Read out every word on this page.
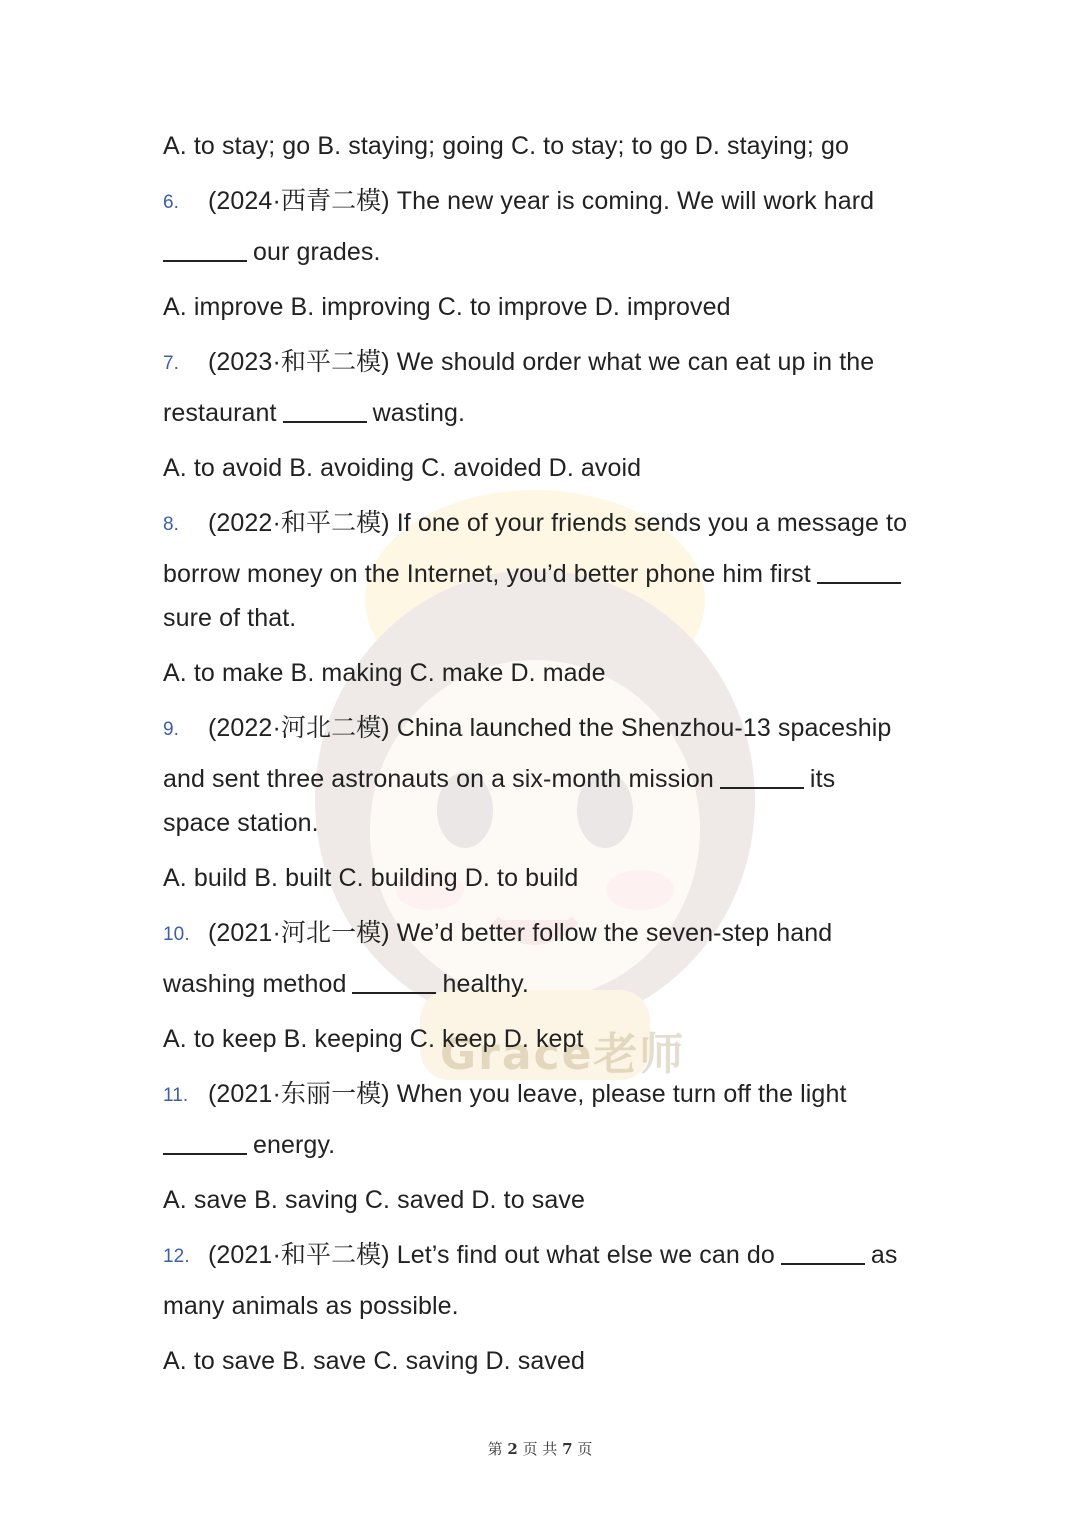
Grace老师
A. to stay; go B. staying; going C. to stay; to go D. staying; go
6. (2024·西青二模) The new year is coming. We will work hard
our grades.
A. improve B. improving C. to improve D. improved
7. (2023·和平二模) We should order what we can eat up in the
restaurant	wasting.
A. to avoid B. avoiding C. avoided D. avoid
8. (2022·和平二模) If one of your friends sends you a message to
borrow money on the Internet, you’d better phone him first
sure of that.
A. to make B. making C. make D. made
9. (2022·河北二模) China launched the Shenzhou-13 spaceship
and sent three astronauts on a six-month mission	its
space station.
A. build B. built C. building D. to build
10. (2021·河北一模) We’d better follow the seven-step hand
washing method	healthy.
A. to keep B. keeping C. keep D. kept
11. (2021·东丽一模) When you leave, please turn off the light
energy.
A. save B. saving C. saved D. to save
12. (2021·和平二模) Let’s find out what else we can do	as
many animals as possible.
A. to save B. save C. saving D. saved
第 2 页 共 7 页
